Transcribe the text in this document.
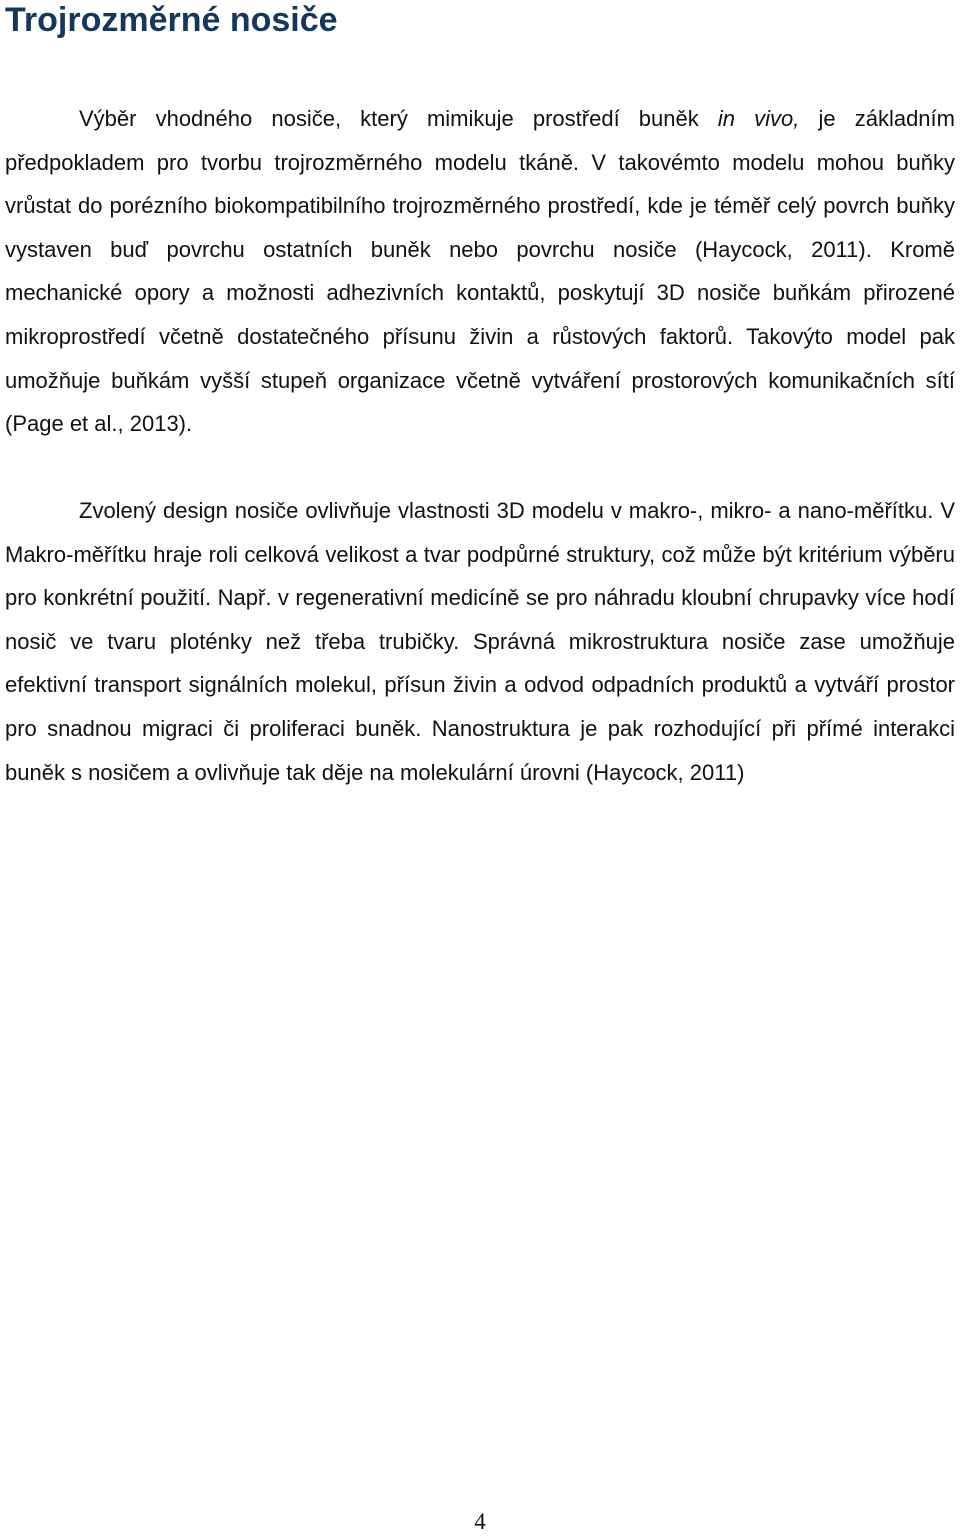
Trojrozměrné nosiče

Výběr vhodného nosiče, který mimikuje prostředí buněk in vivo, je základním předpokladem pro tvorbu trojrozměrného modelu tkáně. V takovémto modelu mohou buňky vrůstat do porézního biokompatibilního trojrozměrného prostředí, kde je téměř celý povrch buňky vystaven buď povrchu ostatních buněk nebo povrchu nosiče (Haycock, 2011). Kromě mechanické opory a možnosti adhezivních kontaktů, poskytují 3D nosiče buňkám přirozené mikroprostředí včetně dostatečného přísunu živin a růstových faktorů. Takovýto model pak umožňuje buňkám vyšší stupeň organizace včetně vytváření prostorových komunikačních sítí (Page et al., 2013).

Zvolený design nosiče ovlivňuje vlastnosti 3D modelu v makro-, mikro- a nano-měřítku. V Makro-měřítku hraje roli celková velikost a tvar podpůrné struktury, což může být kritérium výběru pro konkrétní použití. Např. v regenerativní medicíně se pro náhradu kloubní chrupavky více hodí nosič ve tvaru ploténky než třeba trubičky. Správná mikrostruktura nosiče zase umožňuje efektivní transport signálních molekul, přísun živin a odvod odpadních produktů a vytváří prostor pro snadnou migraci či proliferaci buněk. Nanostruktura je pak rozhodující při přímé interakci buněk s nosičem a ovlivňuje tak děje na molekulární úrovni (Haycock, 2011)

4
